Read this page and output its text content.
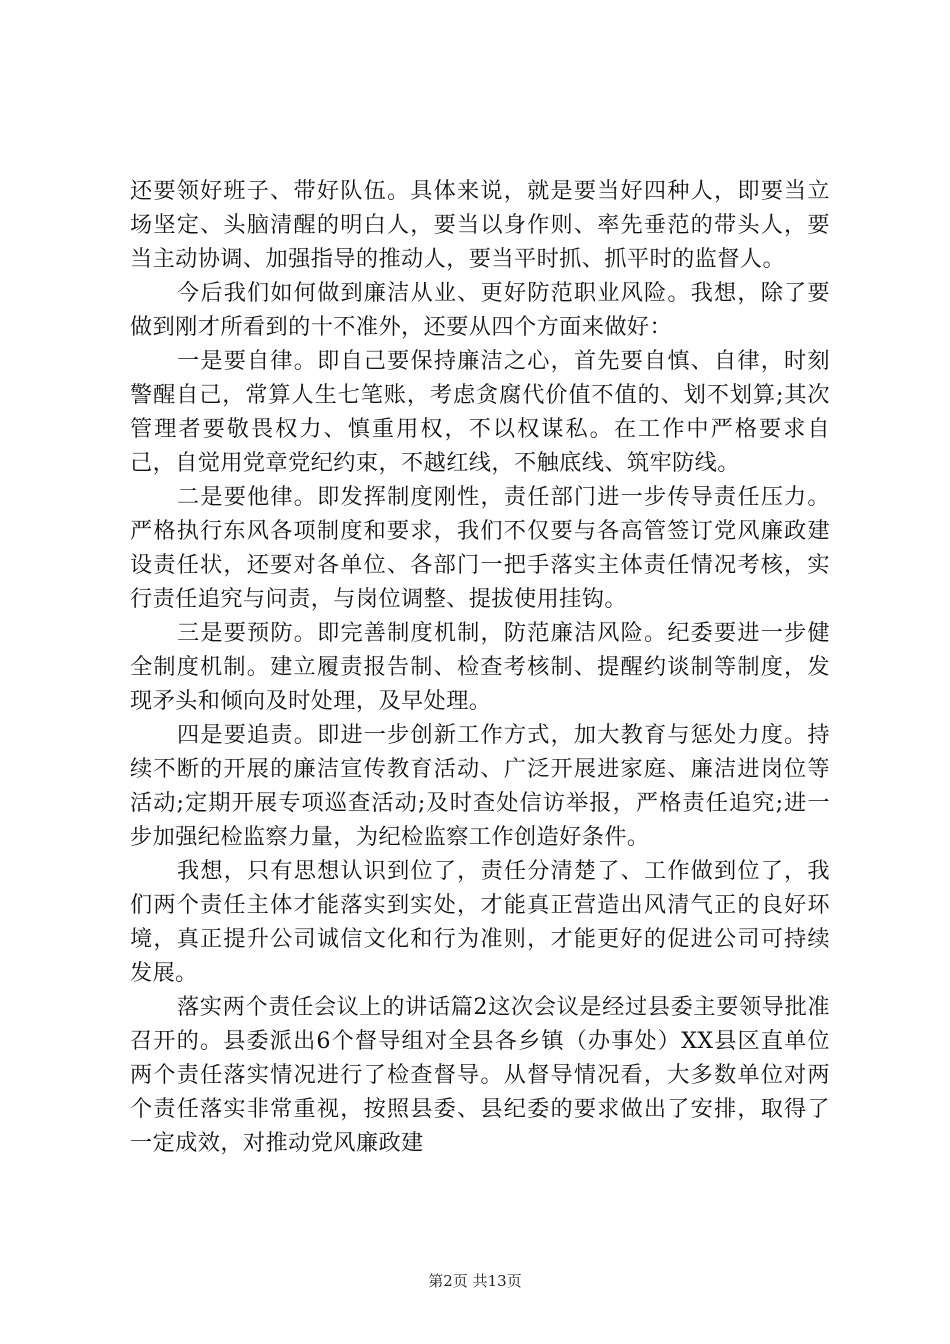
还要领好班子、带好队伍。具体来说，就是要当好四种人，即要当立场坚定、头脑清醒的明白人，要当以身作则、率先垂范的带头人，要当主动协调、加强指导的推动人，要当平时抓、抓平时的监督人。

今后我们如何做到廉洁从业、更好防范职业风险。我想，除了要做到刚才所看到的十不准外，还要从四个方面来做好：

一是要自律。即自己要保持廉洁之心，首先要自慎、自律，时刻警醒自己，常算人生七笔账，考虑贪腐代价值不值的、划不划算;其次管理者要敬畏权力、慎重用权，不以权谋私。在工作中严格要求自己，自觉用党章党纪约束，不越红线，不触底线、筑牢防线。

二是要他律。即发挥制度刚性，责任部门进一步传导责任压力。严格执行东风各项制度和要求，我们不仅要与各高管签订党风廉政建设责任状，还要对各单位、各部门一把手落实主体责任情况考核，实行责任追究与问责，与岗位调整、提拔使用挂钩。

三是要预防。即完善制度机制，防范廉洁风险。纪委要进一步健全制度机制。建立履责报告制、检查考核制、提醒约谈制等制度，发现矛头和倾向及时处理，及早处理。

四是要追责。即进一步创新工作方式，加大教育与惩处力度。持续不断的开展的廉洁宣传教育活动、广泛开展进家庭、廉洁进岗位等活动;定期开展专项巡查活动;及时查处信访举报，严格责任追究;进一步加强纪检监察力量，为纪检监察工作创造好条件。

我想，只有思想认识到位了，责任分清楚了、工作做到位了，我们两个责任主体才能落实到实处，才能真正营造出风清气正的良好环境，真正提升公司诚信文化和行为准则，才能更好的促进公司可持续发展。

落实两个责任会议上的讲话篇2这次会议是经过县委主要领导批准召开的。县委派出6个督导组对全县各乡镇（办事处）XX县区直单位两个责任落实情况进行了检查督导。从督导情况看，大多数单位对两个责任落实非常重视，按照县委、县纪委的要求做出了安排，取得了一定成效，对推动党风廉政建

第2页 共13页
